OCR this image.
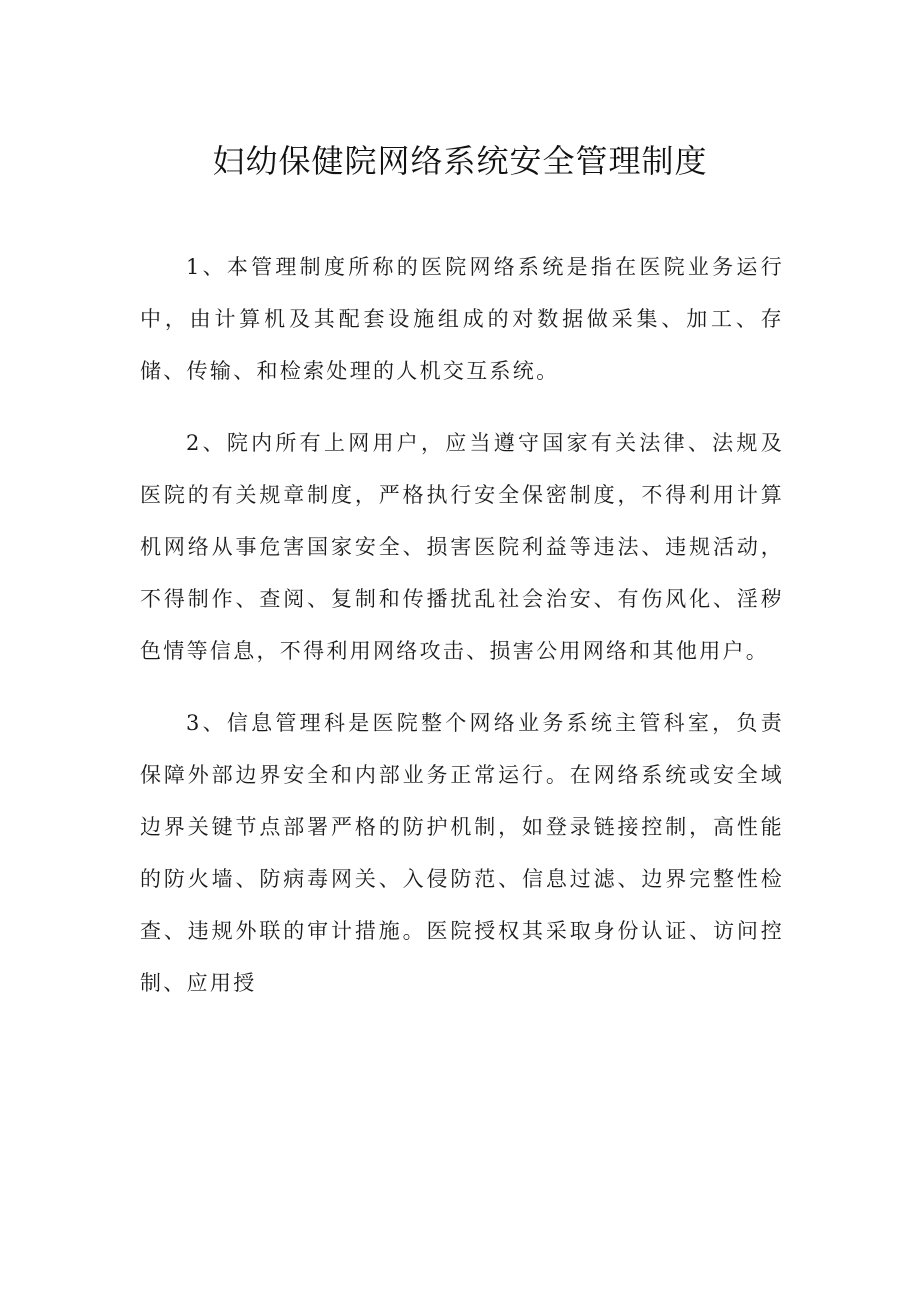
妇幼保健院网络系统安全管理制度

1、本管理制度所称的医院网络系统是指在医院业务运行中，由计算机及其配套设施组成的对数据做采集、加工、存储、传输、和检索处理的人机交互系统。

2、院内所有上网用户，应当遵守国家有关法律、法规及医院的有关规章制度，严格执行安全保密制度，不得利用计算机网络从事危害国家安全、损害医院利益等违法、违规活动，不得制作、查阅、复制和传播扰乱社会治安、有伤风化、淫秽色情等信息，不得利用网络攻击、损害公用网络和其他用户。

3、信息管理科是医院整个网络业务系统主管科室，负责保障外部边界安全和内部业务正常运行。在网络系统或安全域边界关键节点部署严格的防护机制，如登录链接控制，高性能的防火墙、防病毒网关、入侵防范、信息过滤、边界完整性检查、违规外联的审计措施。医院授权其采取身份认证、访问控制、应用授
